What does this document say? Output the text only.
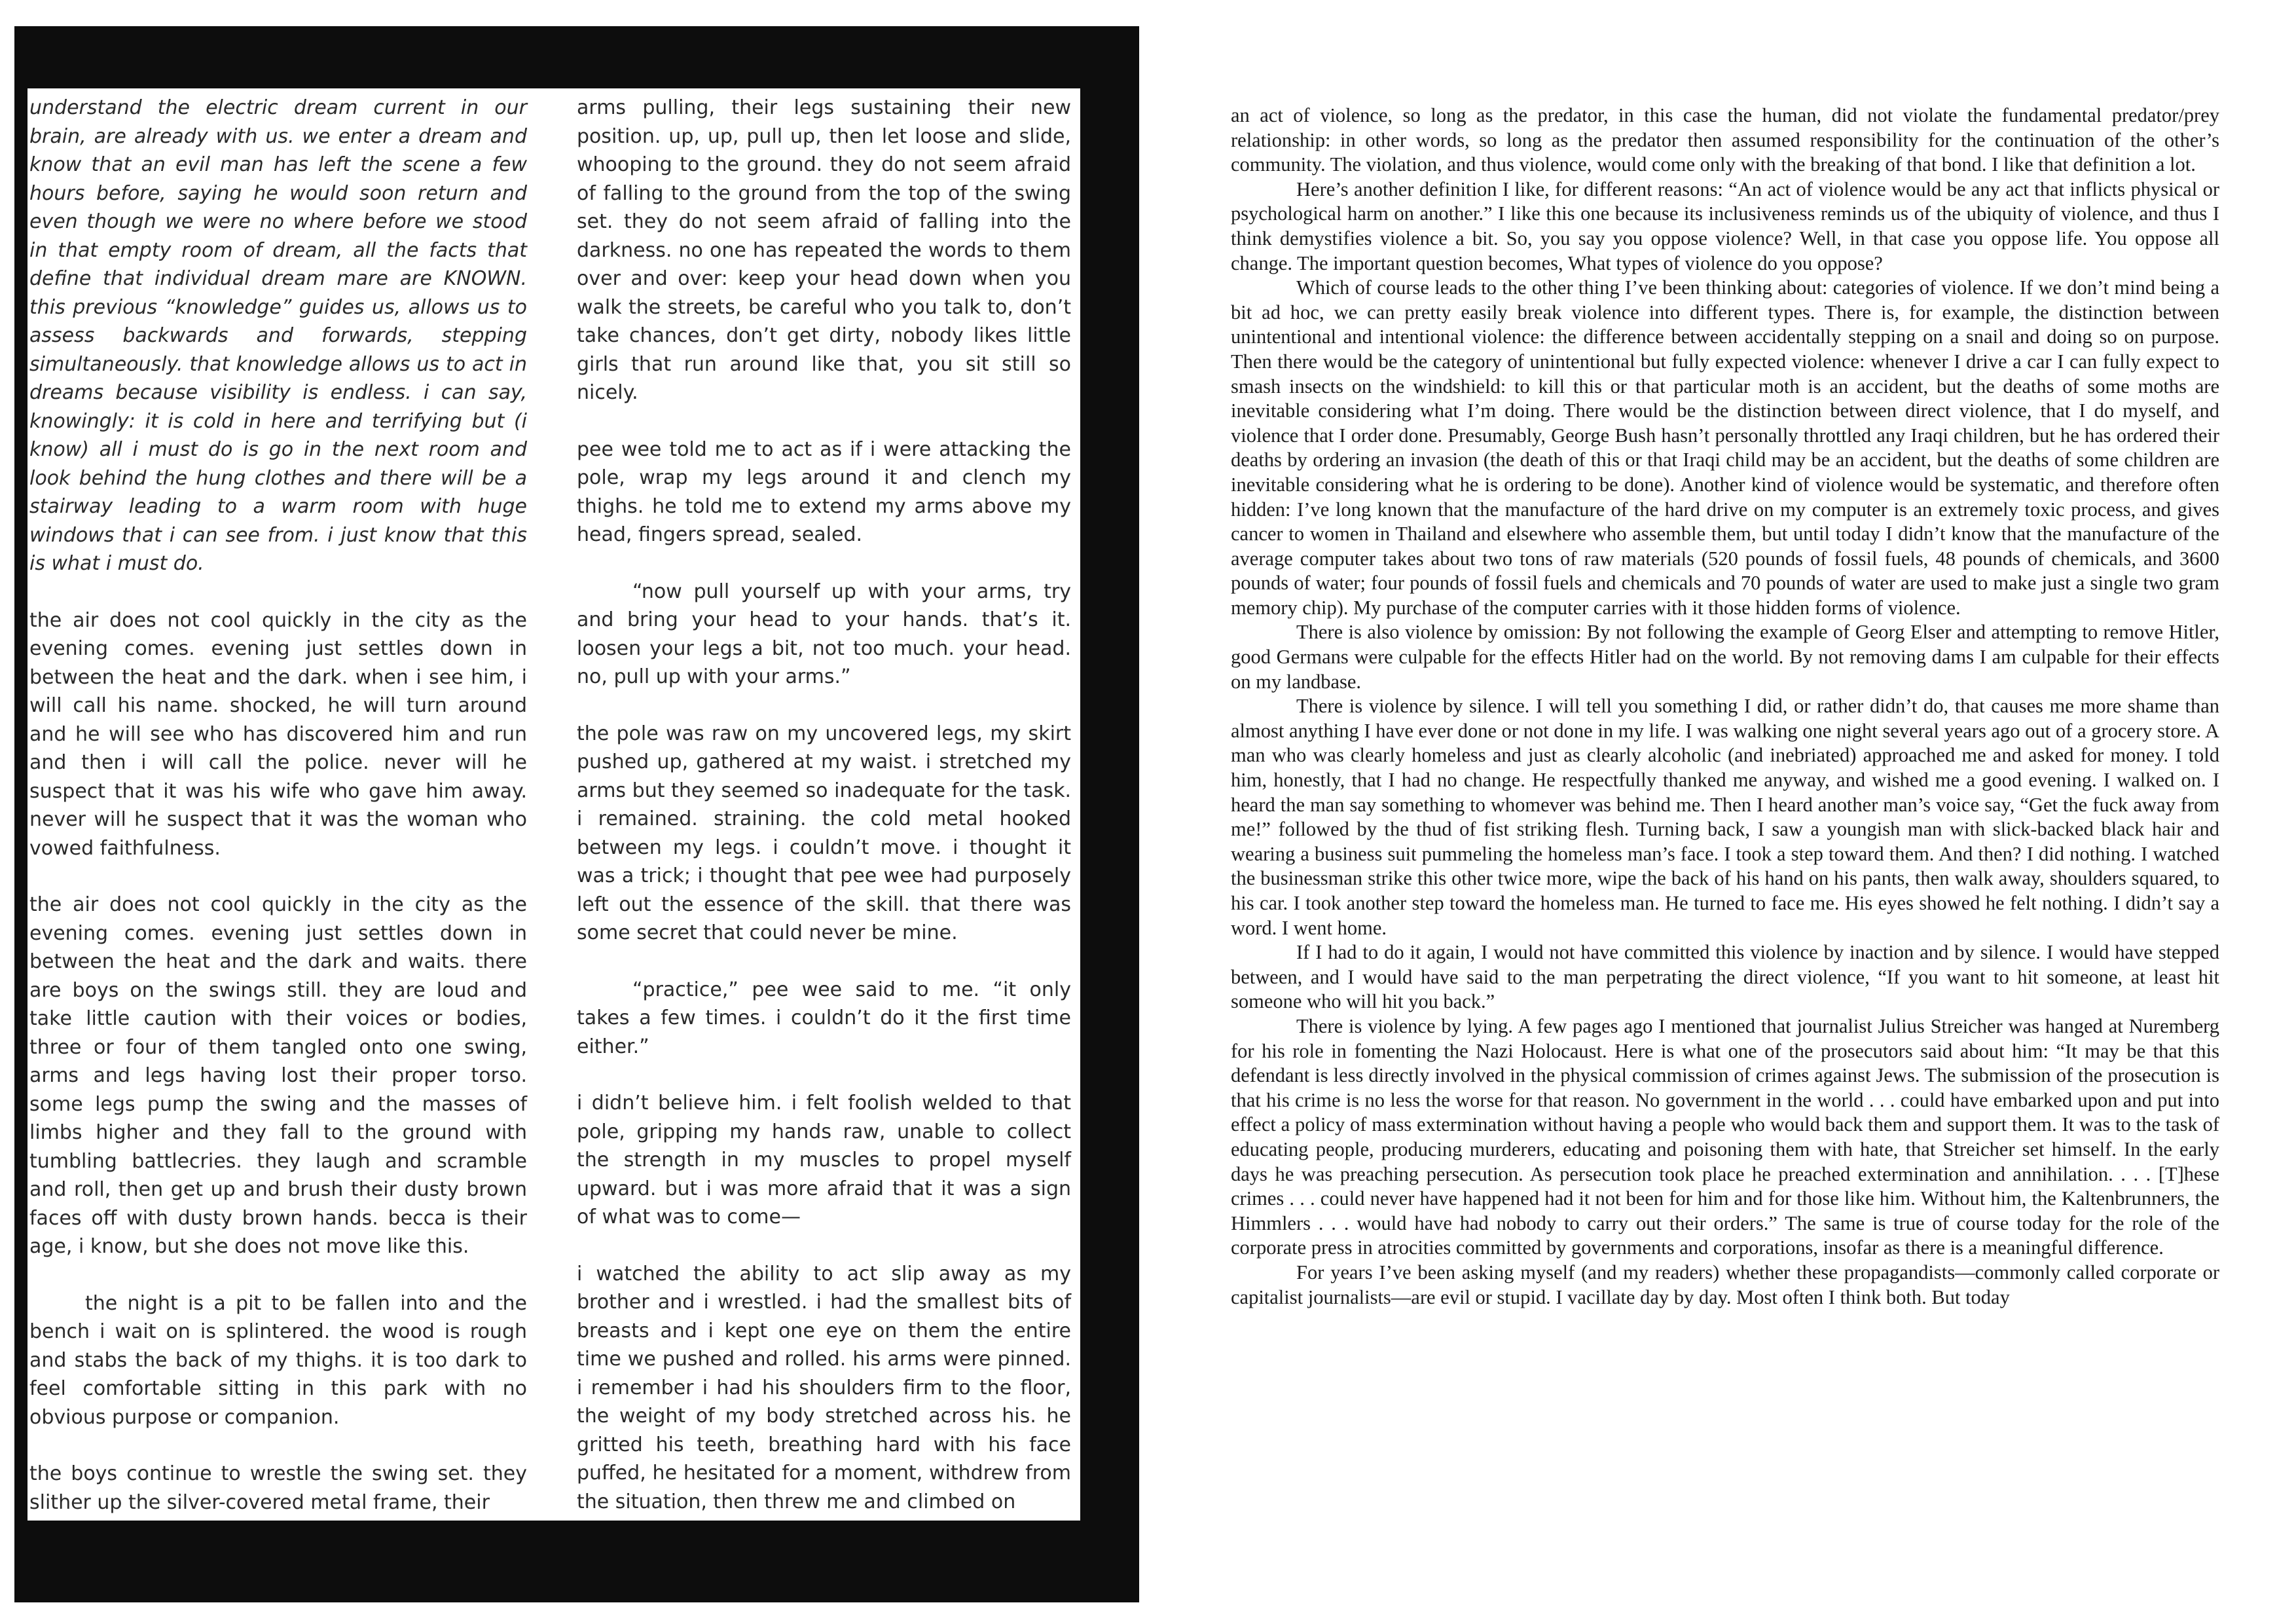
understand the electric dream current in our brain, are already with us. we enter a dream and know that an evil man has left the scene a few hours before, saying he would soon return and even though we were no where before we stood in that empty room of dream, all the facts that define that individual dream mare are KNOWN. this previous “knowledge” guides us, allows us to assess backwards and forwards, stepping simultaneously. that knowledge allows us to act in dreams because visibility is endless. i can say, knowingly: it is cold in here and terrifying but (i know) all i must do is go in the next room and look behind the hung clothes and there will be a stairway leading to a warm room with huge windows that i can see from. i just know that this is what i must do.

the air does not cool quickly in the city as the evening comes. evening just settles down in between the heat and the dark. when i see him, i will call his name. shocked, he will turn around and he will see who has discovered him and run and then i will call the police. never will he suspect that it was his wife who gave him away. never will he suspect that it was the woman who vowed faithfulness.

the air does not cool quickly in the city as the evening comes. evening just settles down in between the heat and the dark and waits. there are boys on the swings still. they are loud and take little caution with their voices or bodies, three or four of them tangled onto one swing, arms and legs having lost their proper torso. some legs pump the swing and the masses of limbs higher and they fall to the ground with tumbling battlecries. they laugh and scramble and roll, then get up and brush their dusty brown faces off with dusty brown hands. becca is their age, i know, but she does not move like this.

the night is a pit to be fallen into and the bench i wait on is splintered. the wood is rough and stabs the back of my thighs. it is too dark to feel comfortable sitting in this park with no obvious purpose or companion.

the boys continue to wrestle the swing set. they slither up the silver-covered metal frame, their

arms pulling, their legs sustaining their new position. up, up, pull up, then let loose and slide, whooping to the ground. they do not seem afraid of falling to the ground from the top of the swing set. they do not seem afraid of falling into the darkness. no one has repeated the words to them over and over: keep your head down when you walk the streets, be careful who you talk to, don’t take chances, don’t get dirty, nobody likes little girls that run around like that, you sit still so nicely.

pee wee told me to act as if i were attacking the pole, wrap my legs around it and clench my thighs. he told me to extend my arms above my head, fingers spread, sealed.

“now pull yourself up with your arms, try and bring your head to your hands. that’s it. loosen your legs a bit, not too much. your head. no, pull up with your arms.”

the pole was raw on my uncovered legs, my skirt pushed up, gathered at my waist. i stretched my arms but they seemed so inadequate for the task. i remained. straining. the cold metal hooked between my legs. i couldn’t move. i thought it was a trick; i thought that pee wee had purposely left out the essence of the skill. that there was some secret that could never be mine.

“practice,” pee wee said to me. “it only takes a few times. i couldn’t do it the first time either.”

i didn’t believe him. i felt foolish welded to that pole, gripping my hands raw, unable to collect the strength in my muscles to propel myself upward. but i was more afraid that it was a sign of what was to come—

i watched the ability to act slip away as my brother and i wrestled. i had the smallest bits of breasts and i kept one eye on them the entire time we pushed and rolled. his arms were pinned. i remember i had his shoulders firm to the floor, the weight of my body stretched across his. he gritted his teeth, breathing hard with his face puffed, he hesitated for a moment, withdrew from the situation, then threw me and climbed on

an act of violence, so long as the predator, in this case the human, did not violate the fundamental predator/prey relationship: in other words, so long as the predator then assumed responsibility for the continuation of the other’s community. The violation, and thus violence, would come only with the breaking of that bond. I like that definition a lot.

Here’s another definition I like, for different reasons: “An act of violence would be any act that inflicts physical or psychological harm on another.” I like this one because its inclusiveness reminds us of the ubiquity of violence, and thus I think demystifies violence a bit. So, you say you oppose violence? Well, in that case you oppose life. You oppose all change. The important question becomes, What types of violence do you oppose?

Which of course leads to the other thing I’ve been thinking about: categories of violence. If we don’t mind being a bit ad hoc, we can pretty easily break violence into different types. There is, for example, the distinction between unintentional and intentional violence: the difference between accidentally stepping on a snail and doing so on purpose. Then there would be the category of unintentional but fully expected violence: whenever I drive a car I can fully expect to smash insects on the windshield: to kill this or that particular moth is an accident, but the deaths of some moths are inevitable considering what I’m doing. There would be the distinction between direct violence, that I do myself, and violence that I order done. Presumably, George Bush hasn’t personally throttled any Iraqi children, but he has ordered their deaths by ordering an invasion (the death of this or that Iraqi child may be an accident, but the deaths of some children are inevitable considering what he is ordering to be done). Another kind of violence would be systematic, and therefore often hidden: I’ve long known that the manufacture of the hard drive on my computer is an extremely toxic process, and gives cancer to women in Thailand and elsewhere who assemble them, but until today I didn’t know that the manufacture of the average computer takes about two tons of raw materials (520 pounds of fossil fuels, 48 pounds of chemicals, and 3600 pounds of water; four pounds of fossil fuels and chemicals and 70 pounds of water are used to make just a single two gram memory chip). My purchase of the computer carries with it those hidden forms of violence.

There is also violence by omission: By not following the example of Georg Elser and attempting to remove Hitler, good Germans were culpable for the effects Hitler had on the world. By not removing dams I am culpable for their effects on my landbase.

There is violence by silence. I will tell you something I did, or rather didn’t do, that causes me more shame than almost anything I have ever done or not done in my life. I was walking one night several years ago out of a grocery store. A man who was clearly homeless and just as clearly alcoholic (and inebriated) approached me and asked for money. I told him, honestly, that I had no change. He respectfully thanked me anyway, and wished me a good evening. I walked on. I heard the man say something to whomever was behind me. Then I heard another man’s voice say, “Get the fuck away from me!” followed by the thud of fist striking flesh. Turning back, I saw a youngish man with slick-backed black hair and wearing a business suit pummeling the homeless man’s face. I took a step toward them. And then? I did nothing. I watched the businessman strike this other twice more, wipe the back of his hand on his pants, then walk away, shoulders squared, to his car. I took another step toward the homeless man. He turned to face me. His eyes showed he felt nothing. I didn’t say a word. I went home.

If I had to do it again, I would not have committed this violence by inaction and by silence. I would have stepped between, and I would have said to the man perpetrating the direct violence, “If you want to hit someone, at least hit someone who will hit you back.”

There is violence by lying. A few pages ago I mentioned that journalist Julius Streicher was hanged at Nuremberg for his role in fomenting the Nazi Holocaust. Here is what one of the prosecutors said about him: “It may be that this defendant is less directly involved in the physical commission of crimes against Jews. The submission of the prosecution is that his crime is no less the worse for that reason. No government in the world . . . could have embarked upon and put into effect a policy of mass extermination without having a people who would back them and support them. It was to the task of educating people, producing murderers, educating and poisoning them with hate, that Streicher set himself. In the early days he was preaching persecution. As persecution took place he preached extermination and annihilation. . . . [T]hese crimes . . . could never have happened had it not been for him and for those like him. Without him, the Kaltenbrunners, the Himmlers . . . would have had nobody to carry out their orders.” The same is true of course today for the role of the corporate press in atrocities committed by governments and corporations, insofar as there is a meaningful difference.

For years I’ve been asking myself (and my readers) whether these propagandists—commonly called corporate or capitalist journalists—are evil or stupid. I vacillate day by day. Most often I think both. But today
